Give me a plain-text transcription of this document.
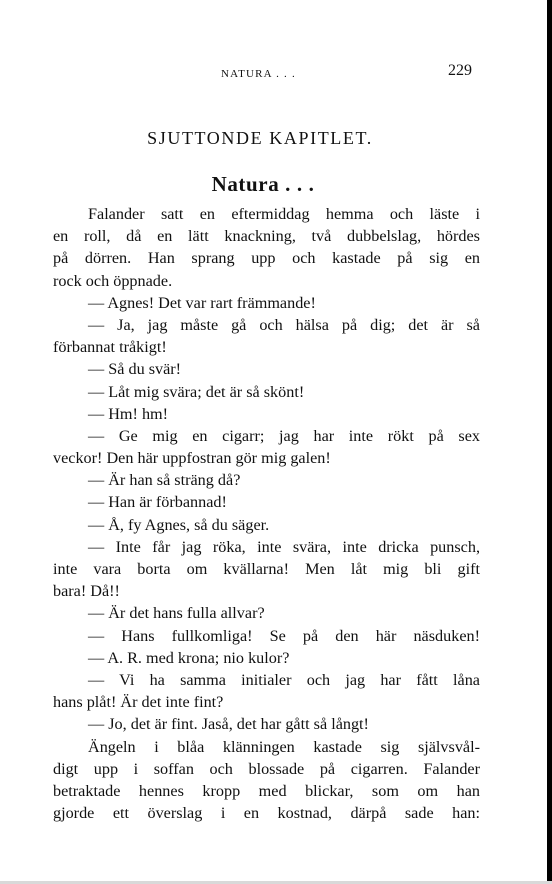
NATURA . . .	229
SJUTTONDE KAPITLET.
Natura . . .
Falander satt en eftermiddag hemma och läste i
en roll, då en lätt knackning, två dubbelslag, hördes
på dörren. Han sprang upp och kastade på sig en
rock och öppnade.
— Agnes! Det var rart främmande!
— Ja, jag måste gå och hälsa på dig; det är så
förbannat tråkigt!
— Så du svär!
— Låt mig svära; det är så skönt!
— Hm! hm!
— Ge mig en cigarr; jag har inte rökt på sex
veckor! Den här uppfostran gör mig galen!
— Är han så sträng då?
— Han är förbannad!
— Å, fy Agnes, så du säger.
— Inte får jag röka, inte svära, inte dricka punsch,
inte vara borta om kvällarna! Men låt mig bli gift
bara! Då!!
— Är det hans fulla allvar?
— Hans fullkomliga! Se på den här näsduken!
— A. R. med krona; nio kulor?
— Vi ha samma initialer och jag har fått låna
hans plåt! Är det inte fint?
— Jo, det är fint. Jaså, det har gått så långt!
Ängeln i blåa klänningen kastade sig självsvål-
digt upp i soffan och blossade på cigarren. Falander
betraktade hennes kropp med blickar, som om han
gjorde ett överslag i en kostnad, därpå sade han:
